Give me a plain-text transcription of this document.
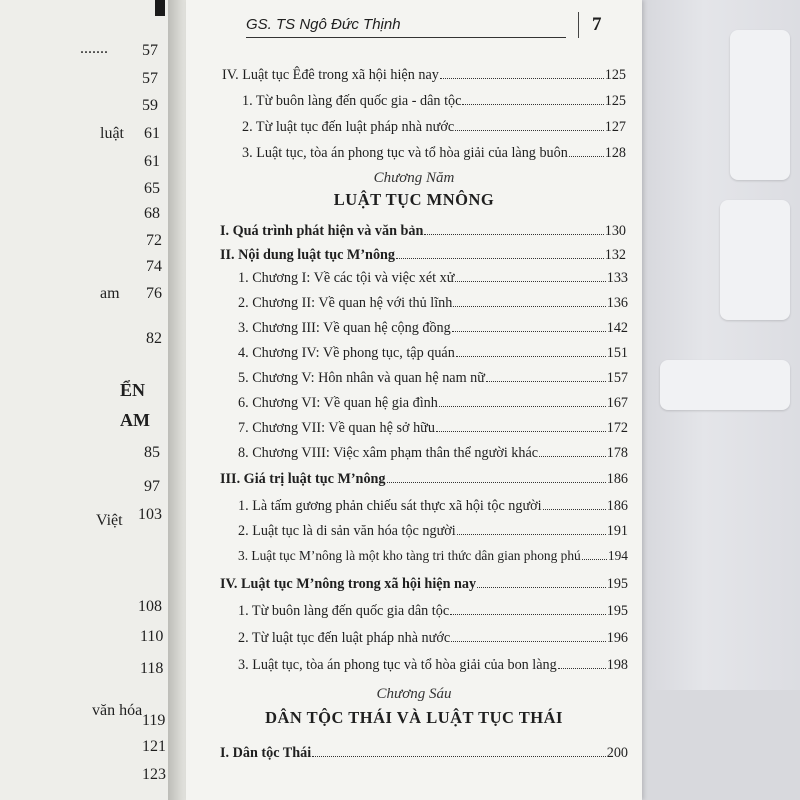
....... 57
57
59
luật 61
61
65
68
72
74
am 76
82
ỂN
AM
85
97
Việt 103
108
110
118
văn hóa
119
121
123
GS. TS Ngô Đức Thịnh	7
IV. Luật tục Êđê trong xã hội hiện nay	125
1. Từ buôn làng đến quốc gia - dân tộc	125
2. Từ luật tục đến luật pháp nhà nước	127
3. Luật tục, tòa án phong tục và tổ hòa giải của làng buôn	128
Chương Năm
LUẬT TỤC MNÔNG
I. Quá trình phát hiện và văn bản	130
II. Nội dung luật tục M’nông	132
1. Chương I: Về các tội và việc xét xử	133
2. Chương II: Về quan hệ với thủ lĩnh	136
3. Chương III: Về quan hệ cộng đồng	142
4. Chương IV: Về phong tục, tập quán	151
5. Chương V: Hôn nhân và quan hệ nam nữ	157
6. Chương VI: Về quan hệ gia đình	167
7. Chương VII: Về quan hệ sở hữu	172
8. Chương VIII: Việc xâm phạm thân thể người khác	178
III. Giá trị luật tục M’nông	186
1. Là tấm gương phản chiếu sát thực xã hội tộc người	186
2. Luật tục là di sản văn hóa tộc người	191
3. Luật tục M’nông là một kho tàng tri thức dân gian phong phú 194
IV. Luật tục M’nông trong xã hội hiện nay	195
1. Từ buôn làng đến quốc gia dân tộc	195
2. Từ luật tục đến luật pháp nhà nước	196
3. Luật tục, tòa án phong tục và tổ hòa giải của bon làng	198
Chương Sáu
DÂN TỘC THÁI VÀ LUẬT TỤC THÁI
I. Dân tộc Thái	200
